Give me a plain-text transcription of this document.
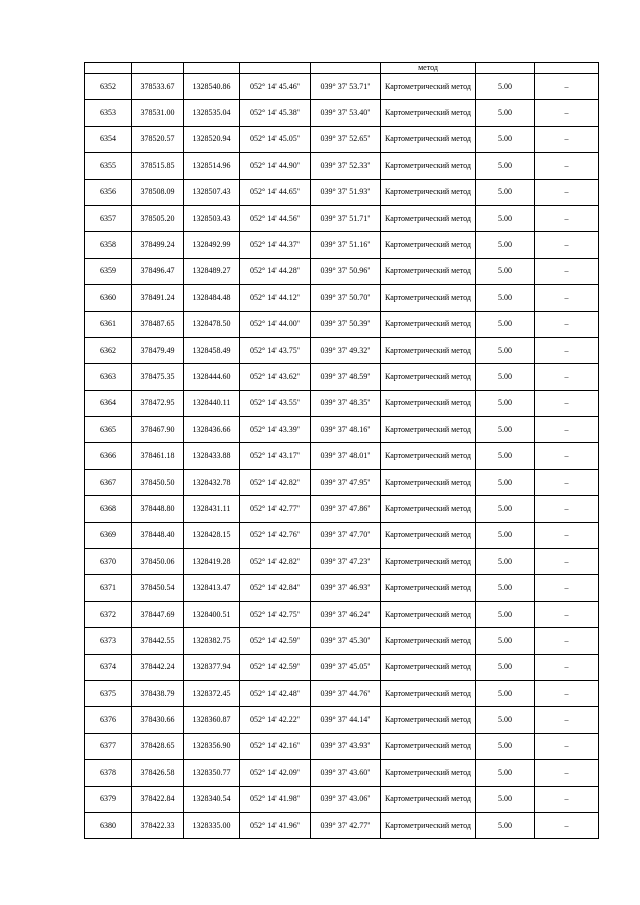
					метод		
6352	378533.67	1328540.86	052° 14' 45.46"	039° 37' 53.71"	Картометрический метод	5.00	–
6353	378531.00	1328535.04	052° 14' 45.38"	039° 37' 53.40"	Картометрический метод	5.00	–
6354	378520.57	1328520.94	052° 14' 45.05"	039° 37' 52.65"	Картометрический метод	5.00	–
6355	378515.85	1328514.96	052° 14' 44.90"	039° 37' 52.33"	Картометрический метод	5.00	–
6356	378508.09	1328507.43	052° 14' 44.65"	039° 37' 51.93"	Картометрический метод	5.00	–
6357	378505.20	1328503.43	052° 14' 44.56"	039° 37' 51.71"	Картометрический метод	5.00	–
6358	378499.24	1328492.99	052° 14' 44.37"	039° 37' 51.16"	Картометрический метод	5.00	–
6359	378496.47	1328489.27	052° 14' 44.28"	039° 37' 50.96"	Картометрический метод	5.00	–
6360	378491.24	1328484.48	052° 14' 44.12"	039° 37' 50.70"	Картометрический метод	5.00	–
6361	378487.65	1328478.50	052° 14' 44.00"	039° 37' 50.39"	Картометрический метод	5.00	–
6362	378479.49	1328458.49	052° 14' 43.75"	039° 37' 49.32"	Картометрический метод	5.00	–
6363	378475.35	1328444.60	052° 14' 43.62"	039° 37' 48.59"	Картометрический метод	5.00	–
6364	378472.95	1328440.11	052° 14' 43.55"	039° 37' 48.35"	Картометрический метод	5.00	–
6365	378467.90	1328436.66	052° 14' 43.39"	039° 37' 48.16"	Картометрический метод	5.00	–
6366	378461.18	1328433.88	052° 14' 43.17"	039° 37' 48.01"	Картометрический метод	5.00	–
6367	378450.50	1328432.78	052° 14' 42.82"	039° 37' 47.95"	Картометрический метод	5.00	–
6368	378448.80	1328431.11	052° 14' 42.77"	039° 37' 47.86"	Картометрический метод	5.00	–
6369	378448.40	1328428.15	052° 14' 42.76"	039° 37' 47.70"	Картометрический метод	5.00	–
6370	378450.06	1328419.28	052° 14' 42.82"	039° 37' 47.23"	Картометрический метод	5.00	–
6371	378450.54	1328413.47	052° 14' 42.84"	039° 37' 46.93"	Картометрический метод	5.00	–
6372	378447.69	1328400.51	052° 14' 42.75"	039° 37' 46.24"	Картометрический метод	5.00	–
6373	378442.55	1328382.75	052° 14' 42.59"	039° 37' 45.30"	Картометрический метод	5.00	–
6374	378442.24	1328377.94	052° 14' 42.59"	039° 37' 45.05"	Картометрический метод	5.00	–
6375	378438.79	1328372.45	052° 14' 42.48"	039° 37' 44.76"	Картометрический метод	5.00	–
6376	378430.66	1328360.87	052° 14' 42.22"	039° 37' 44.14"	Картометрический метод	5.00	–
6377	378428.65	1328356.90	052° 14' 42.16"	039° 37' 43.93"	Картометрический метод	5.00	–
6378	378426.58	1328350.77	052° 14' 42.09"	039° 37' 43.60"	Картометрический метод	5.00	–
6379	378422.84	1328340.54	052° 14' 41.98"	039° 37' 43.06"	Картометрический метод	5.00	–
6380	378422.33	1328335.00	052° 14' 41.96"	039° 37' 42.77"	Картометрический метод	5.00	–
